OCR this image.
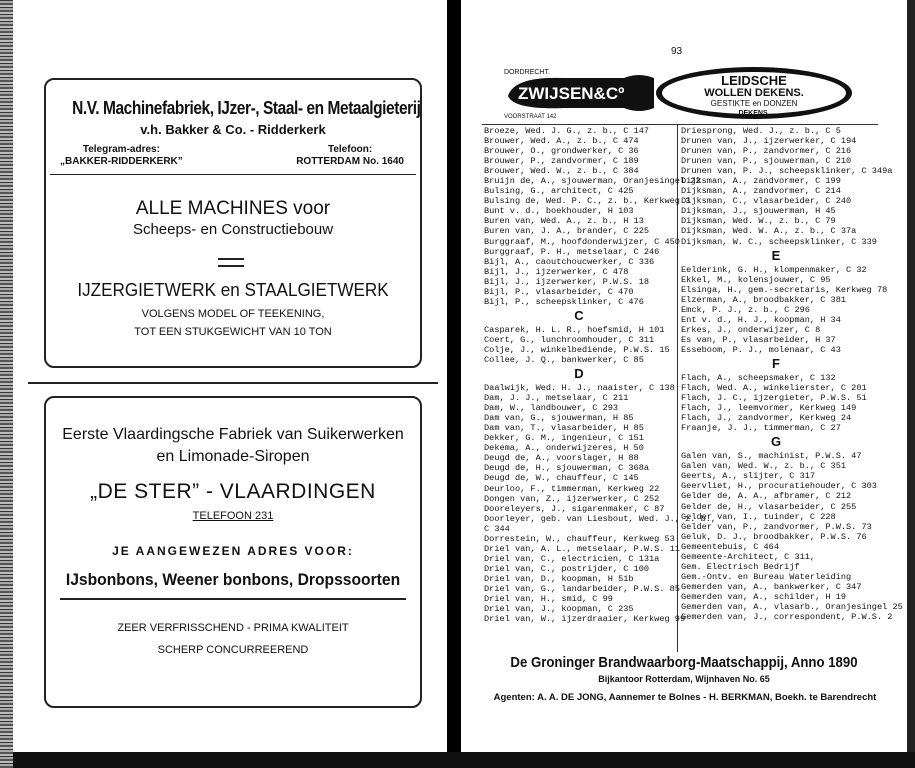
N.V. Machinefabriek, IJzer-, Staal- en Metaalgieterij
v.h. Bakker & Co. - Ridderkerk
Telegram-adres:
„BAKKER-RIDDERKERK”
Telefoon:
ROTTERDAM No. 1640
ALLE MACHINES voor
Scheeps- en Constructiebouw
IJZERGIETWERK en STAALGIETWERK
VOLGENS MODEL OF TEEKENING,
TOT EEN STUKGEWICHT VAN 10 TON
Eerste Vlaardingsche Fabriek van Suikerwerken
en Limonade-Siropen
„DE STER” - VLAARDINGEN
TELEFOON 231
JE AANGEWEZEN ADRES VOOR:
IJsbonbons, Weener bonbons, Dropssoorten
ZEER VERFRISSCHEND - PRIMA KWALITEIT
SCHERP CONCURREEREND
93
DORDRECHT.
ZWIJSEN&Cº
VOORSTRAAT 142
LEIDSCHE
WOLLEN DEKENS.
GESTIKTE en DONZEN
DEKENS.
Broeze, Wed. J. G., z. b., C 147
Brouwer, Wed. A., z. b., C 474
Brouwer, O., grondwerker, C 36
Brouwer, P., zandvormer, C 189
Brouwer, Wed. W., z. b., C 384
Bruijn de, A., sjouwerman, Oranjesingel 22
Bulsing, G., architect, C 425
Bulsing de, Wed. P. C., z. b., Kerkweg 3
Bunt v. d., boekhouder, H 103
Buren van, Wed. A., z. b., H 13
Buren van, J. A., brander, C 225
Burggraaf, M., hoofdonderwijzer, C 450
Burggraaf, P. H., metselaar, C 246
Bijl, A., caoutchoucwerker, C 336
Bijl, J., ijzerwerker, C 478
Bijl, J., ijzerwerker, P.W.S. 18
Bijl, P., vlasarbeider, C 470
Bijl, P., scheepsklinker, C 476
C
Casparek, H. L. R., hoefsmid, H 101
Coert, G., lunchroomhouder, C 311
Colje, J., winkelbediende, P.W.S. 15
Collee, J. Q., bankwerker, C 85
D
Daalwijk, Wed. H. J., naaister, C 138
Dam, J. J., metselaar, C 211
Dam, W., landbouwer, C 293
Dam van, G., sjouwerman, H 85
Dam van, T., vlasarbeider, H 85
Dekker, G. M., ingenieur, C 151
Dekema, A., onderwijzeres, H 50
Deugd de, A., voorslager, H 88
Deugd de, H., sjouwerman, C 368a
Deugd de, W., chauffeur, C 145
Deurloo, F., timmerman, Kerkweg 22
Dongen van, Z., ijzerwerker, C 252
Dooreleyers, J., sigarenmaker, C 87
Doorleyer, geb. van Liesbout, Wed. J., z. b.,
C 344
Dorrestein, W., chauffeur, Kerkweg 53
Driel van, A. L., metselaar, P.W.S. 11
Driel van, C., electricien, C 131a
Driel van, C., postrijder, C 100
Driel van, D., koopman, H 51b
Driel van, G., landarbeider, P.W.S. 85
Driel van, H., smid, C 99
Driel van, J., koopman, C 235
Driel van, W., ijzerdraaier, Kerkweg 99
Driesprong, Wed. J., z. b., C 5
Drunen van, J., ijzerwerker, C 194
Drunen van, P., zandvormer, C 216
Drunen van, P., sjouwerman, C 210
Drunen van, P. J., scheepsklinker, C 349a
Dijksman, A., zandvormer, C 199
Dijksman, A., zandvormer, C 214
Dijksman, C., vlasarbeider, C 240
Dijksman, J., sjouwerman, H 45
Dijksman, Wed. W., z. b., C 79
Dijksman, Wed. W. A., z. b., C 37a
Dijksman, W. C., scheepsklinker, C 339
E
Eelderink, G. H., klompenmaker, C 32
Ekkel, M., kolensjouwer, C 95
Elsinga, H., gem.-secretaris, Kerkweg 78
Elzerman, A., broodbakker, C 381
Emck, P. J., z. b., C 296
Ent v. d., H. J., koopman, H 34
Erkes, J., onderwijzer, C 8
Es van, P., vlasarbeider, H 37
Esseboom, P. J., molenaar, C 43
F
Flach, A., scheepsmaker, C 132
Flach, Wed. A., winkelierster, C 201
Flach, J. C., ijzergieter, P.W.S. 51
Flach, J., leemvormer, Kerkweg 149
Flach, J., zandvormer, Kerkweg 24
Fraanje, J. J., timmerman, C 27
G
Galen van, S., machinist, P.W.S. 47
Galen van, Wed. W., z. b., C 351
Geerts, A., slijter, C 317
Geervliet, H., procuratiehouder, C 303
Gelder de, A. A., afbramer, C 212
Gelder de, H., vlasarbeider, C 255
Gelder van, I., tuinder, C 228
Gelder van, P., zandvormer, P.W.S. 73
Geluk, D. J., broodbakker, P.W.S. 76
Gemeentebuis, C 464
Gemeente-Architect, C 311,
Gem. Electrisch Bedrijf
Gem.-Ontv. en Bureau Waterleiding
Gemerden van, A., bankwerker, C 347
Gemerden van, A., schilder, H 19
Gemerden van, A., vlasarb., Oranjesingel 25
Gemerden van, J., correspondent, P.W.S. 2
De Groninger Brandwaarborg-Maatschappij, Anno 1890
Bijkantoor Rotterdam, Wijnhaven No. 65
Agenten: A. A. DE JONG, Aannemer te Bolnes - H. BERKMAN, Boekh. te Barendrecht
